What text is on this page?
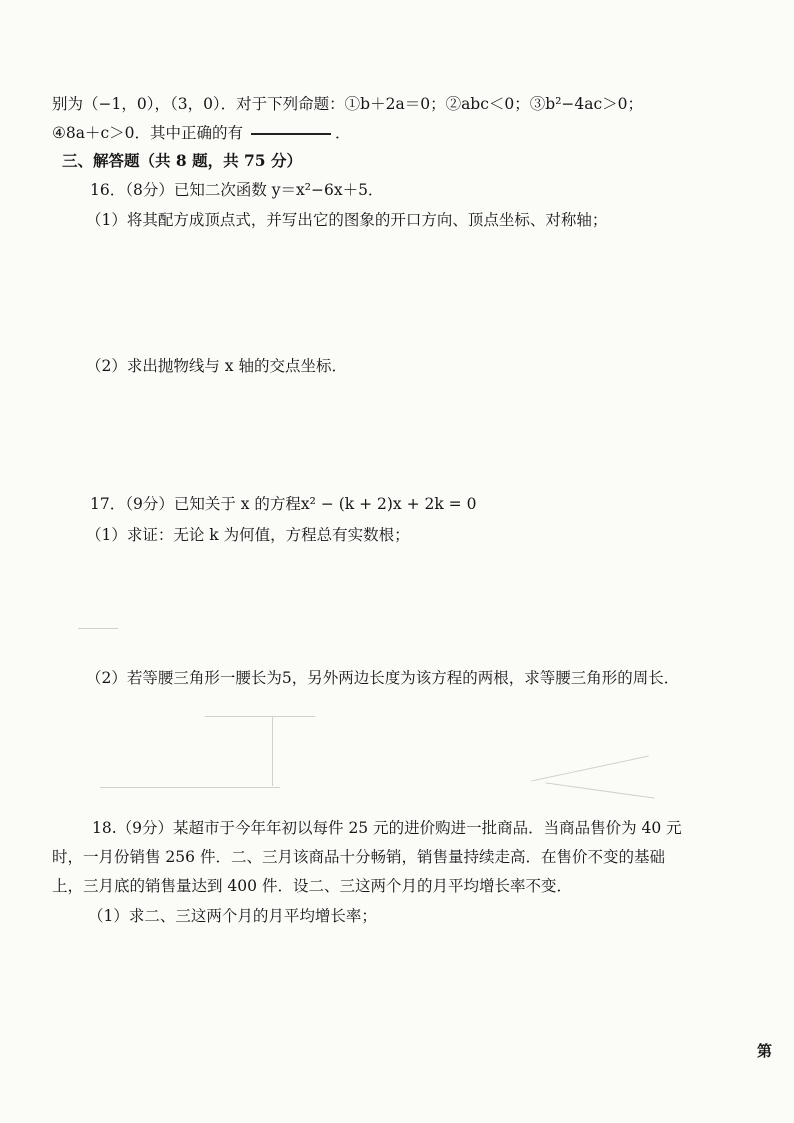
别为（−1，0），（3，0）．对于下列命题：①b＋2a＝0；②abc＜0；③b²−4ac＞0；
④8a＋c＞0．其中正确的有	．
三、解答题（共 8 题，共 75 分）
16．（8分）已知二次函数 y＝x²−6x＋5．
（1）将其配方成顶点式，并写出它的图象的开口方向、顶点坐标、对称轴；
（2）求出抛物线与 x 轴的交点坐标．
17．（9分）已知关于 x 的方程x² − (k + 2)x + 2k = 0
（1）求证：无论 k 为何值，方程总有实数根；
（2）若等腰三角形一腰长为5，另外两边长度为该方程的两根，求等腰三角形的周长．
18.（9分）某超市于今年年初以每件 25 元的进价购进一批商品．当商品售价为 40 元
时，一月份销售 256 件．二、三月该商品十分畅销，销售量持续走高．在售价不变的基础
上，三月底的销售量达到 400 件．设二、三这两个月的月平均增长率不变．
（1）求二、三这两个月的月平均增长率；
第
